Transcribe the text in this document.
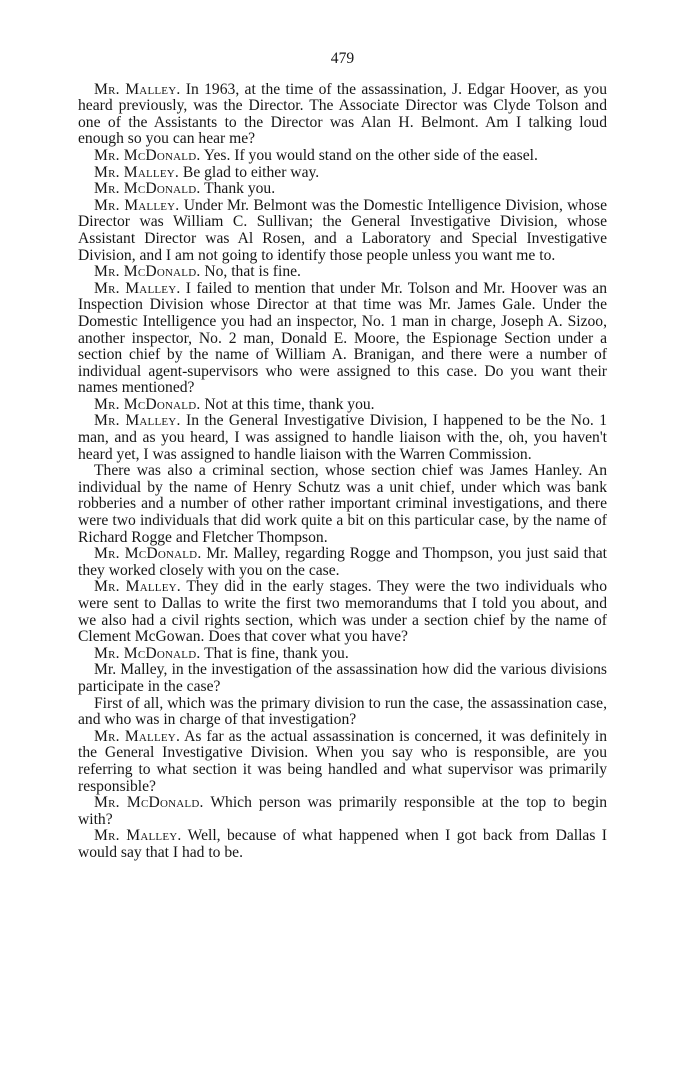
479

Mr. Malley. In 1963, at the time of the assassination, J. Edgar Hoover, as you heard previously, was the Director. The Associate Director was Clyde Tolson and one of the Assistants to the Director was Alan H. Belmont. Am I talking loud enough so you can hear me?

Mr. McDonald. Yes. If you would stand on the other side of the easel.

Mr. Malley. Be glad to either way.

Mr. McDonald. Thank you.

Mr. Malley. Under Mr. Belmont was the Domestic Intelligence Division, whose Director was William C. Sullivan; the General Investigative Division, whose Assistant Director was Al Rosen, and a Laboratory and Special Investigative Division, and I am not going to identify those people unless you want me to.

Mr. McDonald. No, that is fine.

Mr. Malley. I failed to mention that under Mr. Tolson and Mr. Hoover was an Inspection Division whose Director at that time was Mr. James Gale. Under the Domestic Intelligence you had an inspector, No. 1 man in charge, Joseph A. Sizoo, another inspector, No. 2 man, Donald E. Moore, the Espionage Section under a section chief by the name of William A. Branigan, and there were a number of individual agent-supervisors who were assigned to this case. Do you want their names mentioned?

Mr. McDonald. Not at this time, thank you.

Mr. Malley. In the General Investigative Division, I happened to be the No. 1 man, and as you heard, I was assigned to handle liaison with the, oh, you haven't heard yet, I was assigned to handle liaison with the Warren Commission.

There was also a criminal section, whose section chief was James Hanley. An individual by the name of Henry Schutz was a unit chief, under which was bank robberies and a number of other rather important criminal investigations, and there were two individuals that did work quite a bit on this particular case, by the name of Richard Rogge and Fletcher Thompson.

Mr. McDonald. Mr. Malley, regarding Rogge and Thompson, you just said that they worked closely with you on the case.

Mr. Malley. They did in the early stages. They were the two individuals who were sent to Dallas to write the first two memorandums that I told you about, and we also had a civil rights section, which was under a section chief by the name of Clement McGowan. Does that cover what you have?

Mr. McDonald. That is fine, thank you.

Mr. Malley, in the investigation of the assassination how did the various divisions participate in the case?

First of all, which was the primary division to run the case, the assassination case, and who was in charge of that investigation?

Mr. Malley. As far as the actual assassination is concerned, it was definitely in the General Investigative Division. When you say who is responsible, are you referring to what section it was being handled and what supervisor was primarily responsible?

Mr. McDonald. Which person was primarily responsible at the top to begin with?

Mr. Malley. Well, because of what happened when I got back from Dallas I would say that I had to be.
